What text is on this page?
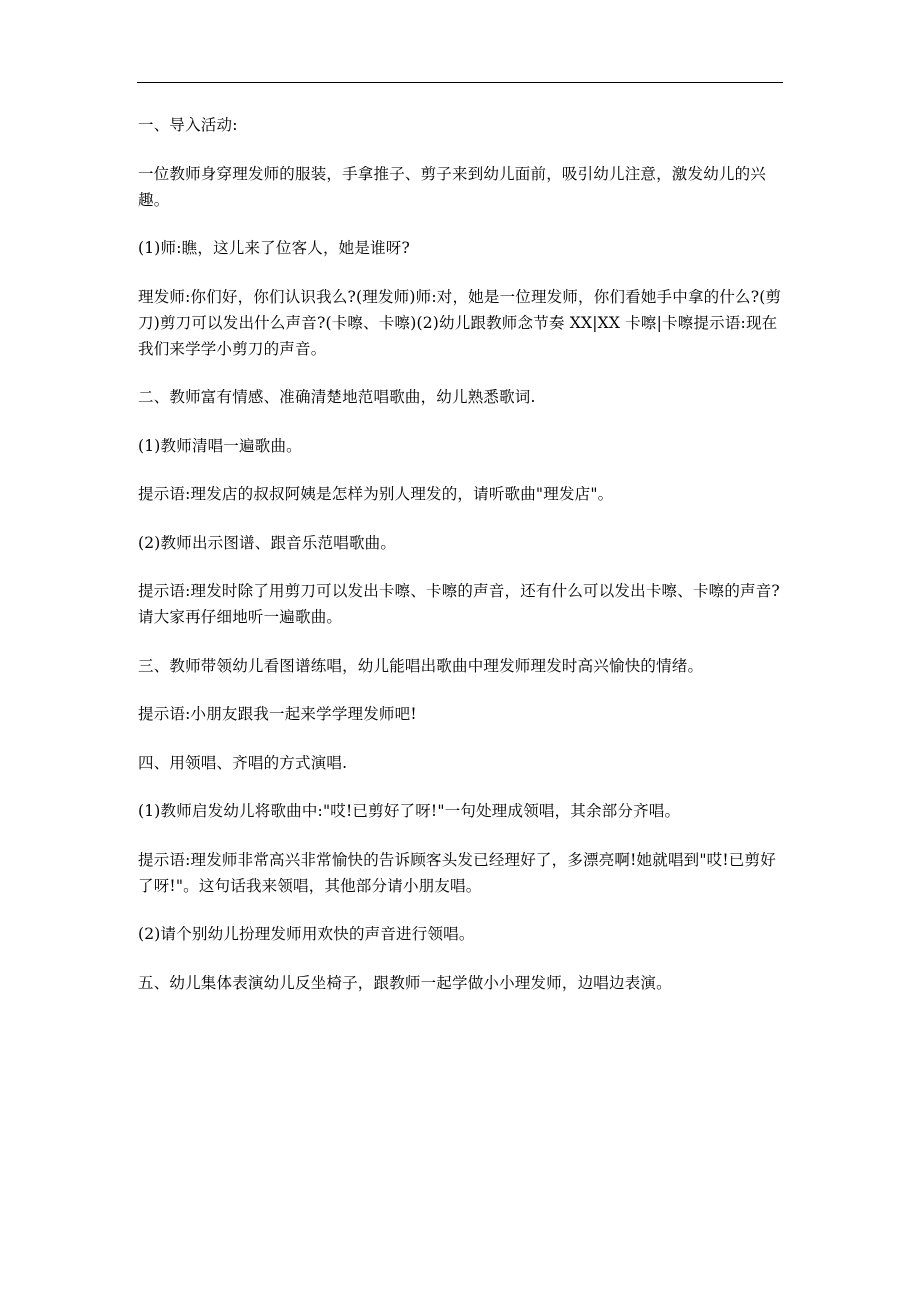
一、导入活动:

一位教师身穿理发师的服装，手拿推子、剪子来到幼儿面前，吸引幼儿注意，激发幼儿的兴趣。

(1)师:瞧，这儿来了位客人，她是谁呀?

理发师:你们好，你们认识我么?(理发师)师:对，她是一位理发师，你们看她手中拿的什么?(剪刀)剪刀可以发出什么声音?(卡嚓、卡嚓)(2)幼儿跟教师念节奏 XX|XX 卡嚓|卡嚓提示语:现在我们来学学小剪刀的声音。

二、教师富有情感、准确清楚地范唱歌曲，幼儿熟悉歌词.

(1)教师清唱一遍歌曲。

提示语:理发店的叔叔阿姨是怎样为别人理发的，请听歌曲"理发店"。

(2)教师出示图谱、跟音乐范唱歌曲。

提示语:理发时除了用剪刀可以发出卡嚓、卡嚓的声音，还有什么可以发出卡嚓、卡嚓的声音?请大家再仔细地听一遍歌曲。

三、教师带领幼儿看图谱练唱，幼儿能唱出歌曲中理发师理发时高兴愉快的情绪。

提示语:小朋友跟我一起来学学理发师吧!

四、用领唱、齐唱的方式演唱.

(1)教师启发幼儿将歌曲中:"哎!已剪好了呀!"一句处理成领唱，其余部分齐唱。

提示语:理发师非常高兴非常愉快的告诉顾客头发已经理好了，多漂亮啊!她就唱到"哎!已剪好了呀!"。这句话我来领唱，其他部分请小朋友唱。

(2)请个别幼儿扮理发师用欢快的声音进行领唱。

五、幼儿集体表演幼儿反坐椅子，跟教师一起学做小小理发师，边唱边表演。
